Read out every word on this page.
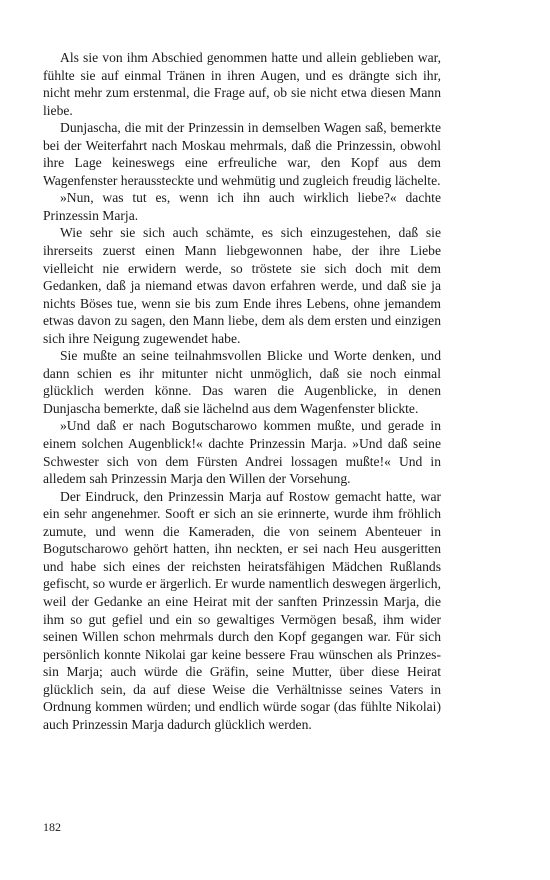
Als sie von ihm Abschied genommen hatte und allein geblieben war, fühlte sie auf einmal Tränen in ihren Augen, und es drängte sich ihr, nicht mehr zum erstenmal, die Frage auf, ob sie nicht etwa diesen Mann liebe.

Dunjascha, die mit der Prinzessin in demselben Wagen saß, bemerkte bei der Weiterfahrt nach Moskau mehrmals, daß die Prinzessin, obwohl ihre Lage keineswegs eine erfreuliche war, den Kopf aus dem Wagenfenster heraussteckte und wehmütig und zugleich freudig lächelte.

»Nun, was tut es, wenn ich ihn auch wirklich liebe?« dachte Prinzessin Marja.

Wie sehr sie sich auch schämte, es sich einzugestehen, daß sie ihrerseits zuerst einen Mann liebgewonnen habe, der ihre Liebe vielleicht nie erwidern werde, so tröstete sie sich doch mit dem Gedanken, daß ja niemand etwas davon erfahren werde, und daß sie ja nichts Böses tue, wenn sie bis zum Ende ihres Lebens, ohne jemandem etwas davon zu sagen, den Mann liebe, dem als dem ersten und einzigen sich ihre Neigung zugewendet habe.

Sie mußte an seine teilnahmsvollen Blicke und Worte denken, und dann schien es ihr mitunter nicht unmöglich, daß sie noch einmal glücklich werden könne. Das waren die Augenblicke, in denen Dunjascha bemerkte, daß sie lächelnd aus dem Wagenfenster blickte.

»Und daß er nach Bogutscharowo kommen mußte, und gerade in einem solchen Augenblick!« dachte Prinzessin Marja. »Und daß seine Schwester sich von dem Fürsten Andrei lossagen mußte!« Und in alledem sah Prinzessin Marja den Willen der Vorsehung.

Der Eindruck, den Prinzessin Marja auf Rostow gemacht hatte, war ein sehr angenehmer. Sooft er sich an sie erinnerte, wurde ihm fröhlich zumute, und wenn die Kameraden, die von seinem Abenteuer in Bogutscharowo gehört hatten, ihn neckten, er sei nach Heu ausgeritten und habe sich eines der reichsten heiratsfähigen Mädchen Rußlands gefischt, so wurde er ärgerlich. Er wurde namentlich deswegen ärgerlich, weil der Gedanke an eine Heirat mit der sanften Prinzessin Marja, die ihm so gut gefiel und ein so gewaltiges Vermögen besaß, ihm wider seinen Willen schon mehrmals durch den Kopf gegangen war. Für sich persönlich konnte Nikolai gar keine bessere Frau wünschen als Prinzessin Marja; auch würde die Gräfin, seine Mutter, über diese Heirat glücklich sein, da auf diese Weise die Verhältnisse seines Vaters in Ordnung kommen würden; und endlich würde sogar (das fühlte Nikolai) auch Prinzessin Marja dadurch glücklich werden.

182
